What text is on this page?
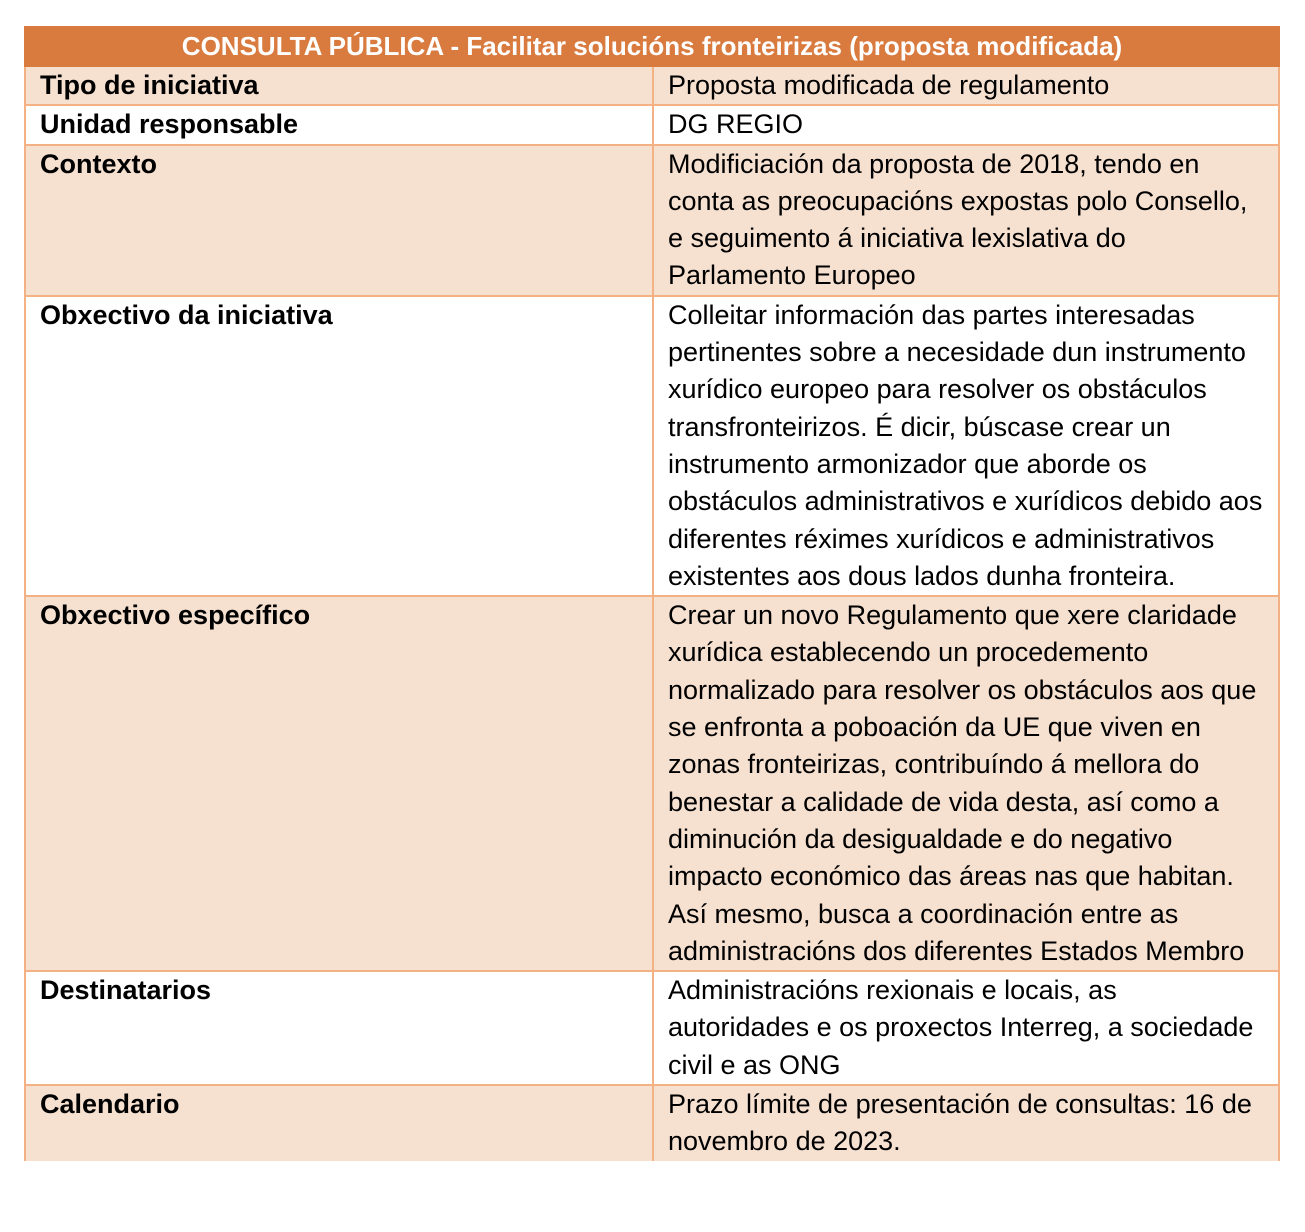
CONSULTA PÚBLICA - Facilitar solucións fronteirizas (proposta modificada)	
Tipo de iniciativa	Proposta modificada de regulamento
Unidad responsable	DG REGIO
Contexto	Modificiación da proposta de 2018, tendo en conta as preocupacións expostas polo Consello, e seguimento á iniciativa lexislativa do Parlamento Europeo
Obxectivo da iniciativa	Colleitar información das partes interesadas pertinentes sobre a necesidade dun instrumento xurídico europeo para resolver os obstáculos transfronteirizos. É dicir, búscase crear un instrumento armonizador que aborde os obstáculos administrativos e xurídicos debido aos diferentes réximes xurídicos e administrativos existentes aos dous lados dunha fronteira.
Obxectivo específico	Crear un novo Regulamento que xere claridade xurídica establecendo un procedemento normalizado para resolver os obstáculos aos que se enfronta a poboación da UE que viven en zonas fronteirizas, contribuíndo á mellora do benestar a calidade de vida desta, así como a diminución da desigualdade e do negativo impacto económico das áreas nas que habitan. Así mesmo, busca a coordinación entre as administracións dos diferentes Estados Membro
Destinatarios	Administracións rexionais e locais, as autoridades e os proxectos Interreg, a sociedade civil e as ONG
Calendario	Prazo límite de presentación de consultas: 16 de novembro de 2023.
